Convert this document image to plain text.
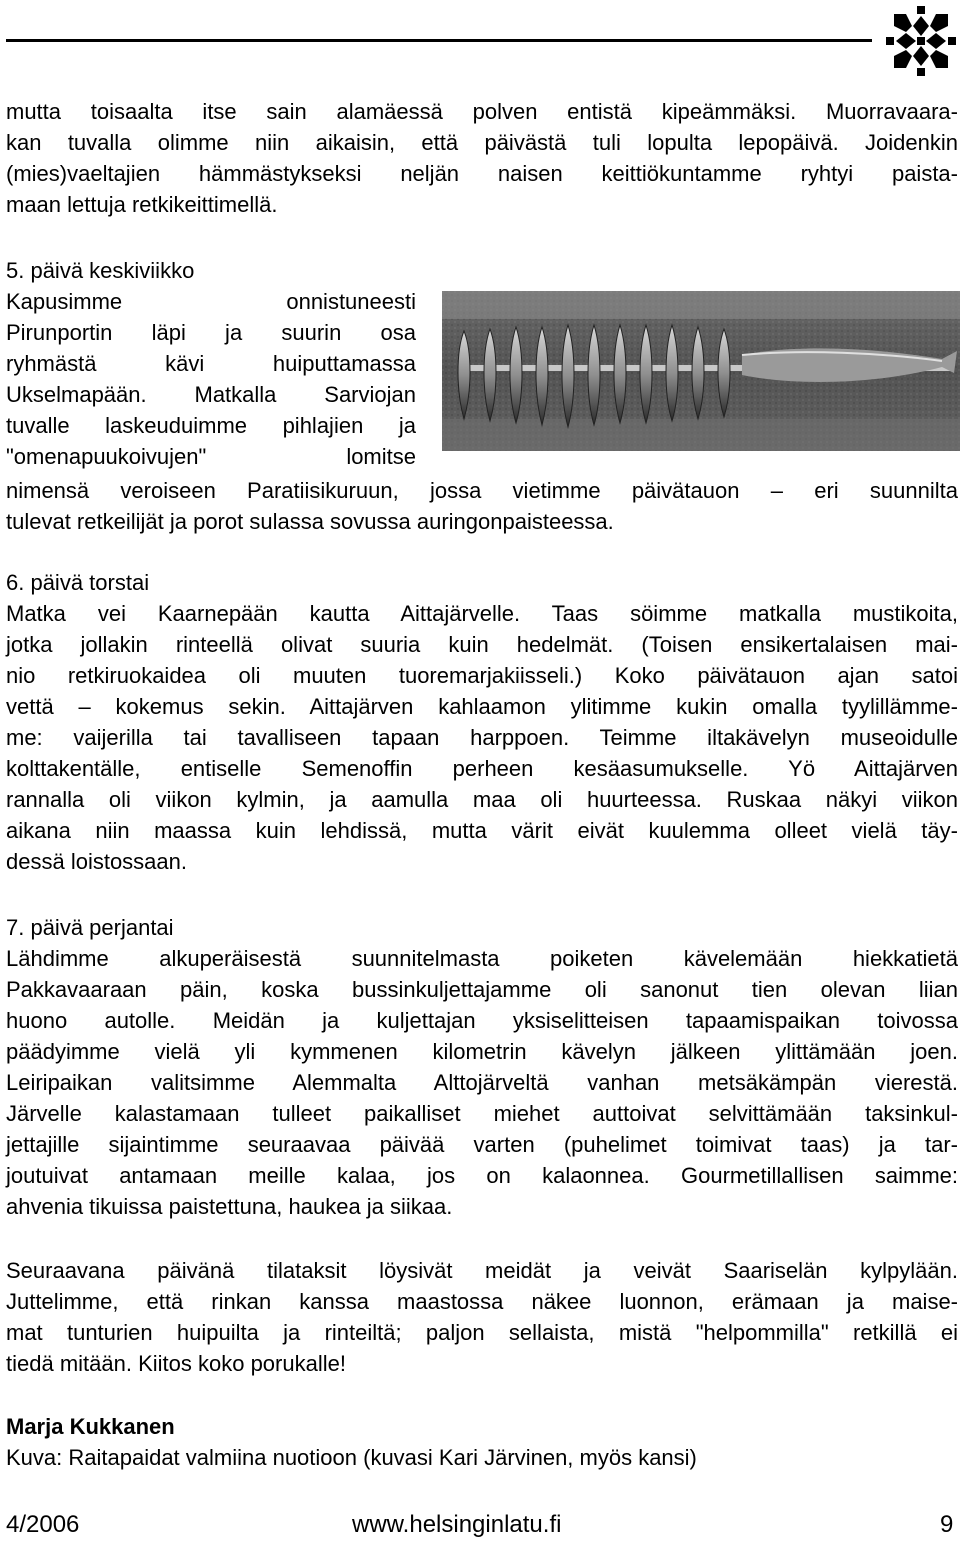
mutta toisaalta itse sain alamäessä polven entistä kipeämmäksi. Muorravaara-
kan tuvalla olimme niin aikaisin, että päivästä tuli lopulta lepopäivä. Joidenkin
(mies)vaeltajien hämmästykseksi neljän naisen keittiökuntamme ryhtyi paista-
maan lettuja retkikeittimellä.
5. päivä keskiviikko
Kapusimme onnistuneesti
Pirunportin läpi ja suurin osa
ryhmästä kävi huiputtamassa
Ukselmapään. Matkalla Sarviojan
tuvalle laskeuduimme pihlajien ja
"omenapuukoivujen" lomitse
nimensä veroiseen Paratiisikuruun, jossa vietimme päivätauon – eri suunnilta
tulevat retkeilijät ja porot sulassa sovussa auringonpaisteessa.
6. päivä torstai
Matka vei Kaarnepään kautta Aittajärvelle. Taas söimme matkalla mustikoita,
jotka jollakin rinteellä olivat suuria kuin hedelmät. (Toisen ensikertalaisen mai-
nio retkiruokaidea oli muuten tuoremarjakiisseli.) Koko päivätauon ajan satoi
vettä – kokemus sekin. Aittajärven kahlaamon ylitimme kukin omalla tyylillämme-
me: vaijerilla tai tavalliseen tapaan harppoen. Teimme iltakävelyn museoidulle
kolttakentälle, entiselle Semenoffin perheen kesäasumukselle. Yö Aittajärven
rannalla oli viikon kylmin, ja aamulla maa oli huurteessa. Ruskaa näkyi viikon
aikana niin maassa kuin lehdissä, mutta värit eivät kuulemma olleet vielä täy-
dessä loistossaan.
7. päivä perjantai
Lähdimme alkuperäisestä suunnitelmasta poiketen kävelemään hiekkatietä
Pakkavaaraan päin, koska bussinkuljettajamme oli sanonut tien olevan liian
huono autolle. Meidän ja kuljettajan yksiselitteisen tapaamispaikan toivossa
päädyimme vielä yli kymmenen kilometrin kävelyn jälkeen ylittämään joen.
Leiripaikan valitsimme Alemmalta Alttojärveltä vanhan metsäkämpän vierestä.
Järvelle kalastamaan tulleet paikalliset miehet auttoivat selvittämään taksinkul-
jettajille sijaintimme seuraavaa päivää varten (puhelimet toimivat taas) ja tar-
joutuivat antamaan meille kalaa, jos on kalaonnea. Gourmetillallisen saimme:
ahvenia tikuissa paistettuna, haukea ja siikaa.
Seuraavana päivänä tilataksit löysivät meidät ja veivät Saariselän kylpylään.
Juttelimme, että rinkan kanssa maastossa näkee luonnon, erämaan ja maise-
mat tunturien huipuilta ja rinteiltä; paljon sellaista, mistä "helpommilla" retkillä ei
tiedä mitään. Kiitos koko porukalle!
Marja Kukkanen
Kuva: Raitapaidat valmiina nuotioon (kuvasi Kari Järvinen, myös kansi)
4/2006	www.helsinginlatu.fi	9
